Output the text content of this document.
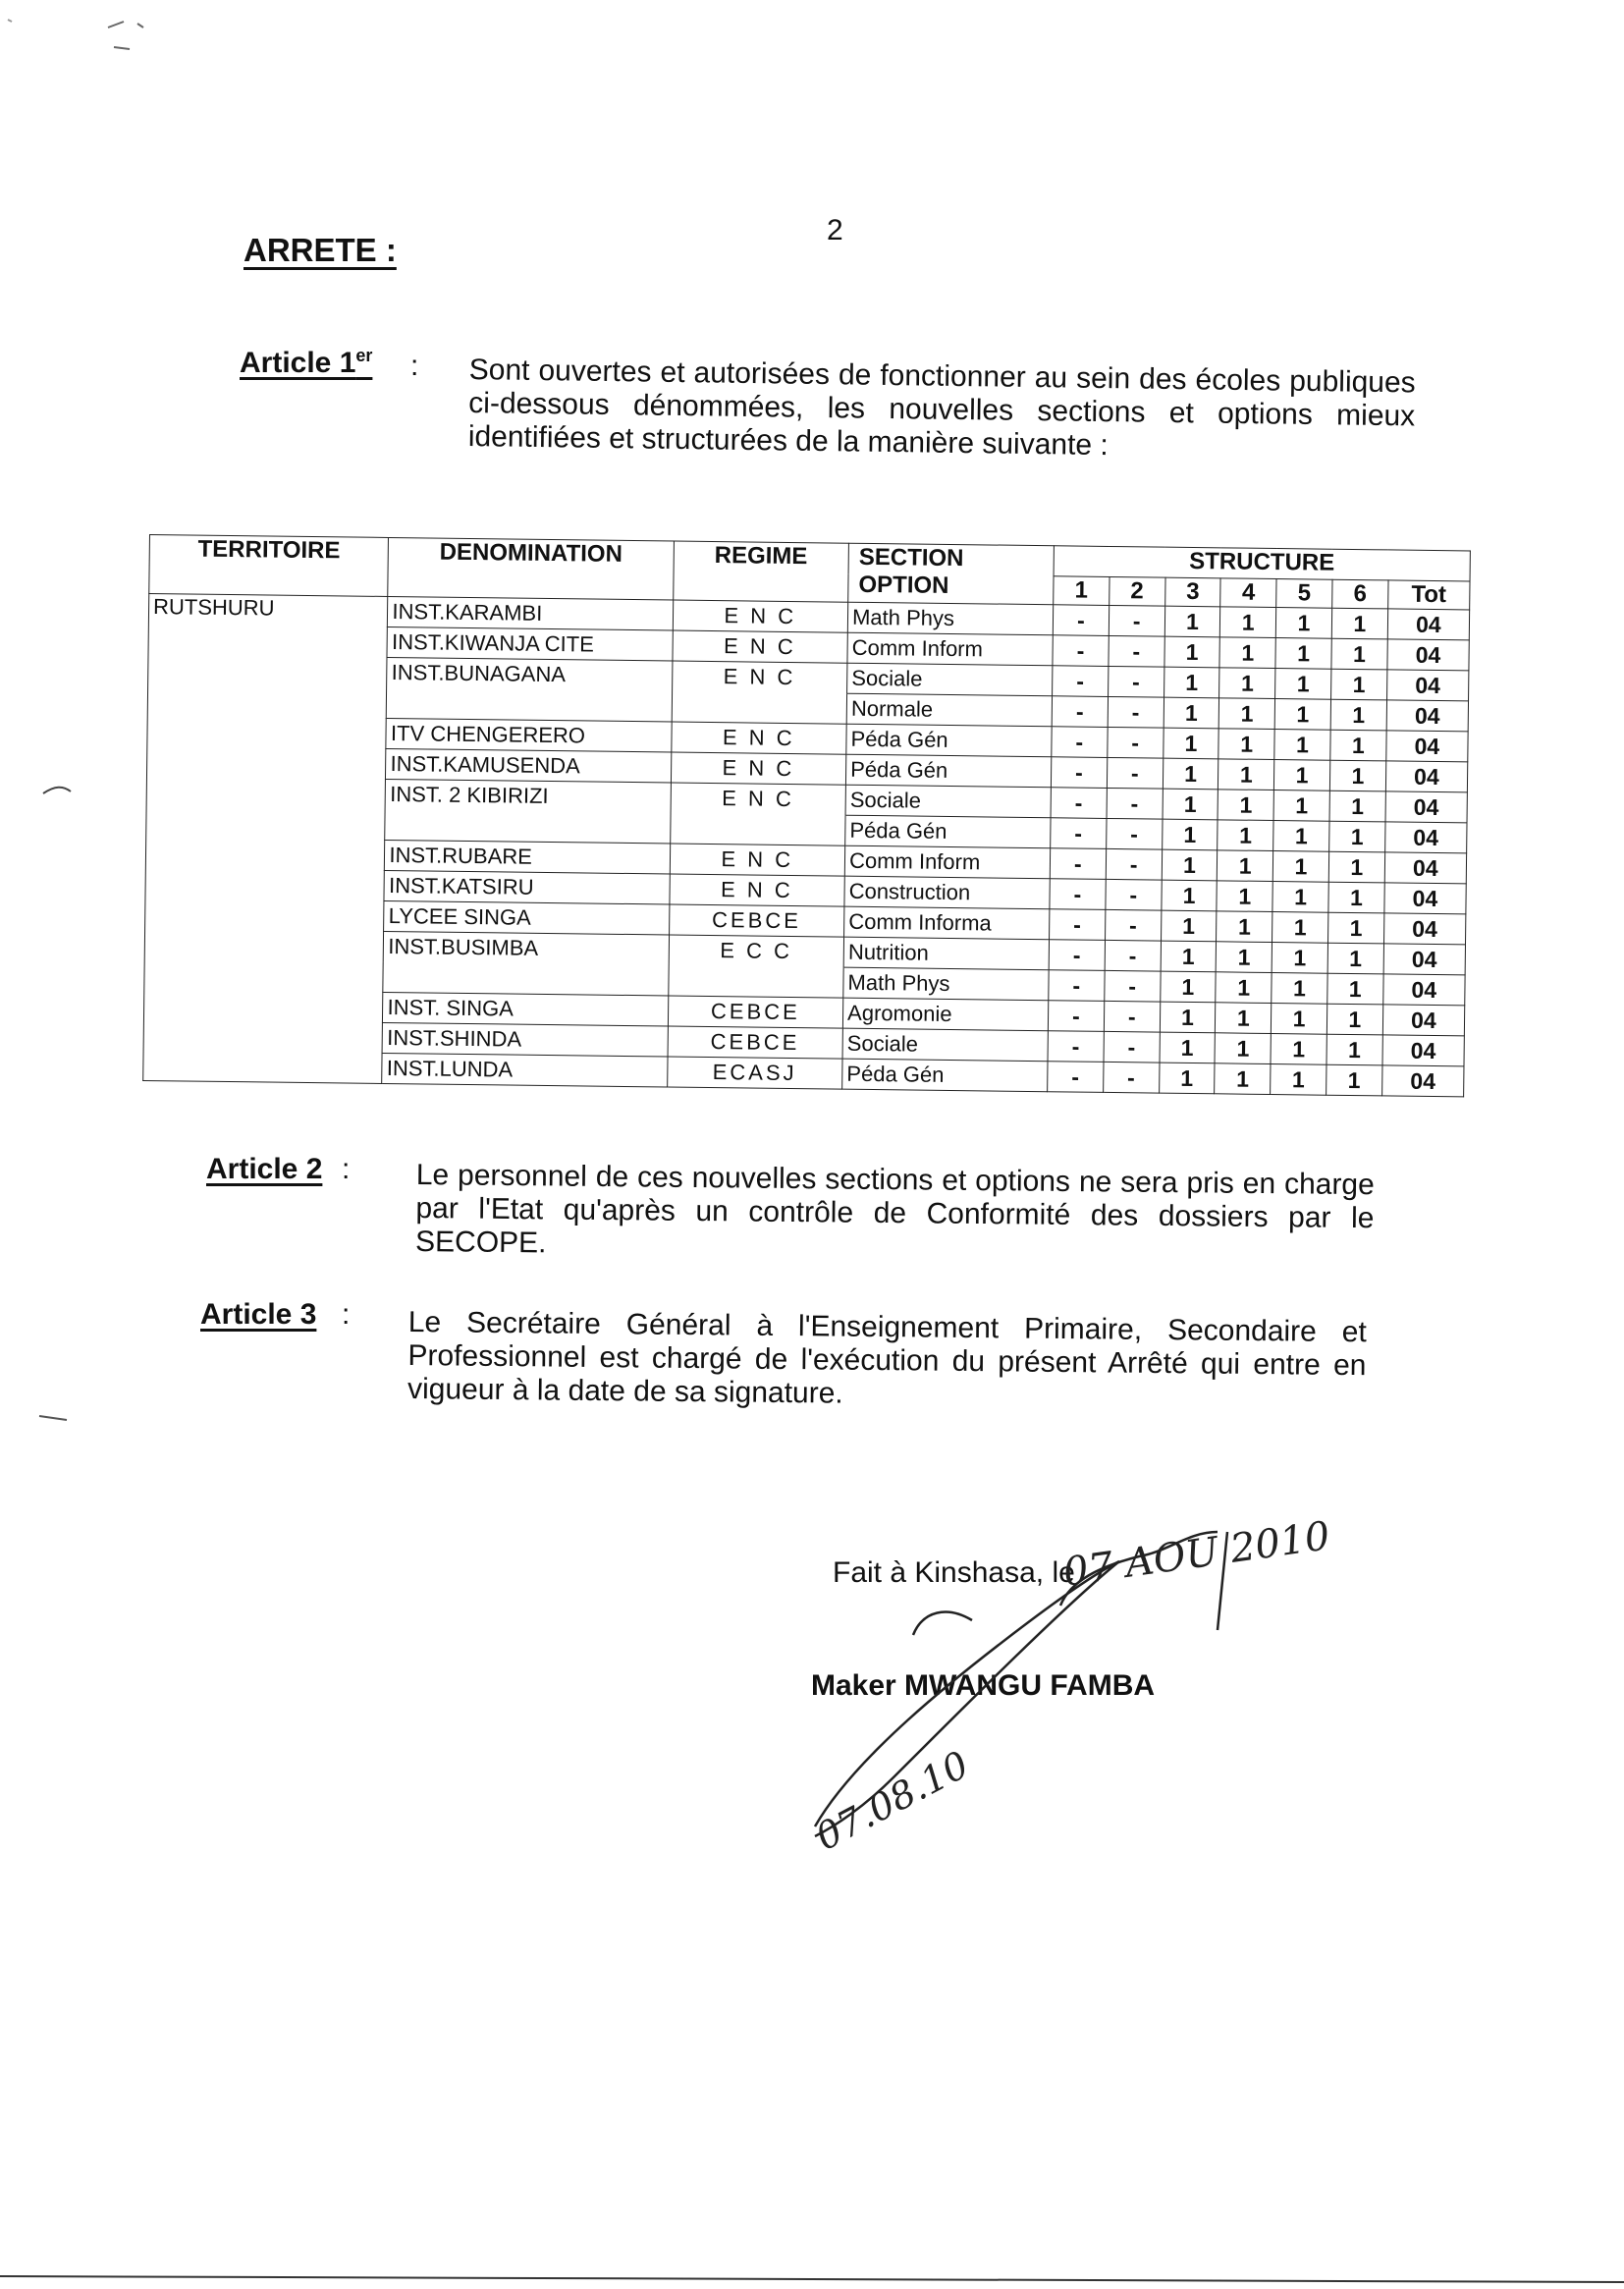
2
ARRETE :
Article 1er : Sont ouvertes et autorisées de fonctionner au sein des écoles publiques ci-dessous dénommées, les nouvelles sections et options mieux identifiées et structurées de la manière suivante :
TERRITOIRE	DENOMINATION	REGIME	SECTION
OPTION	STRUCTURE						
				1	2	3	4	5	6	Tot
RUTSHURU	INST.KARAMBI	E N C	Math Phys	-	-	1	1	1	1	04
	INST.KIWANJA CITE	E N C	Comm Inform	-	-	1	1	1	1	04
	INST.BUNAGANA	E N C	Sociale	-	-	1	1	1	1	04
			Normale	-	-	1	1	1	1	04
	ITV CHENGERERO	E N C	Péda Gén	-	-	1	1	1	1	04
	INST.KAMUSENDA	E N C	Péda Gén	-	-	1	1	1	1	04
	INST. 2 KIBIRIZI	E N C	Sociale	-	-	1	1	1	1	04
			Péda Gén	-	-	1	1	1	1	04
	INST.RUBARE	E N C	Comm Inform	-	-	1	1	1	1	04
	INST.KATSIRU	E N C	Construction	-	-	1	1	1	1	04
	LYCEE SINGA	CEBCE	Comm Informa	-	-	1	1	1	1	04
	INST.BUSIMBA	E C C	Nutrition	-	-	1	1	1	1	04
			Math Phys	-	-	1	1	1	1	04
	INST. SINGA	CEBCE	Agromonie	-	-	1	1	1	1	04
	INST.SHINDA	CEBCE	Sociale	-	-	1	1	1	1	04
	INST.LUNDA	ECASJ	Péda Gén	-	-	1	1	1	1	04
Article 2 : Le personnel de ces nouvelles sections et options ne sera pris en charge par l'Etat qu'après un contrôle de Conformité des dossiers par le SECOPE.
Article 3 : Le Secrétaire Général à l'Enseignement Primaire, Secondaire et Professionnel est chargé de l'exécution du présent Arrêté qui entre en vigueur à la date de sa signature.
Fait à Kinshasa, le
07 AOU 2010
Maker MWANGU FAMBA
07.08.10
